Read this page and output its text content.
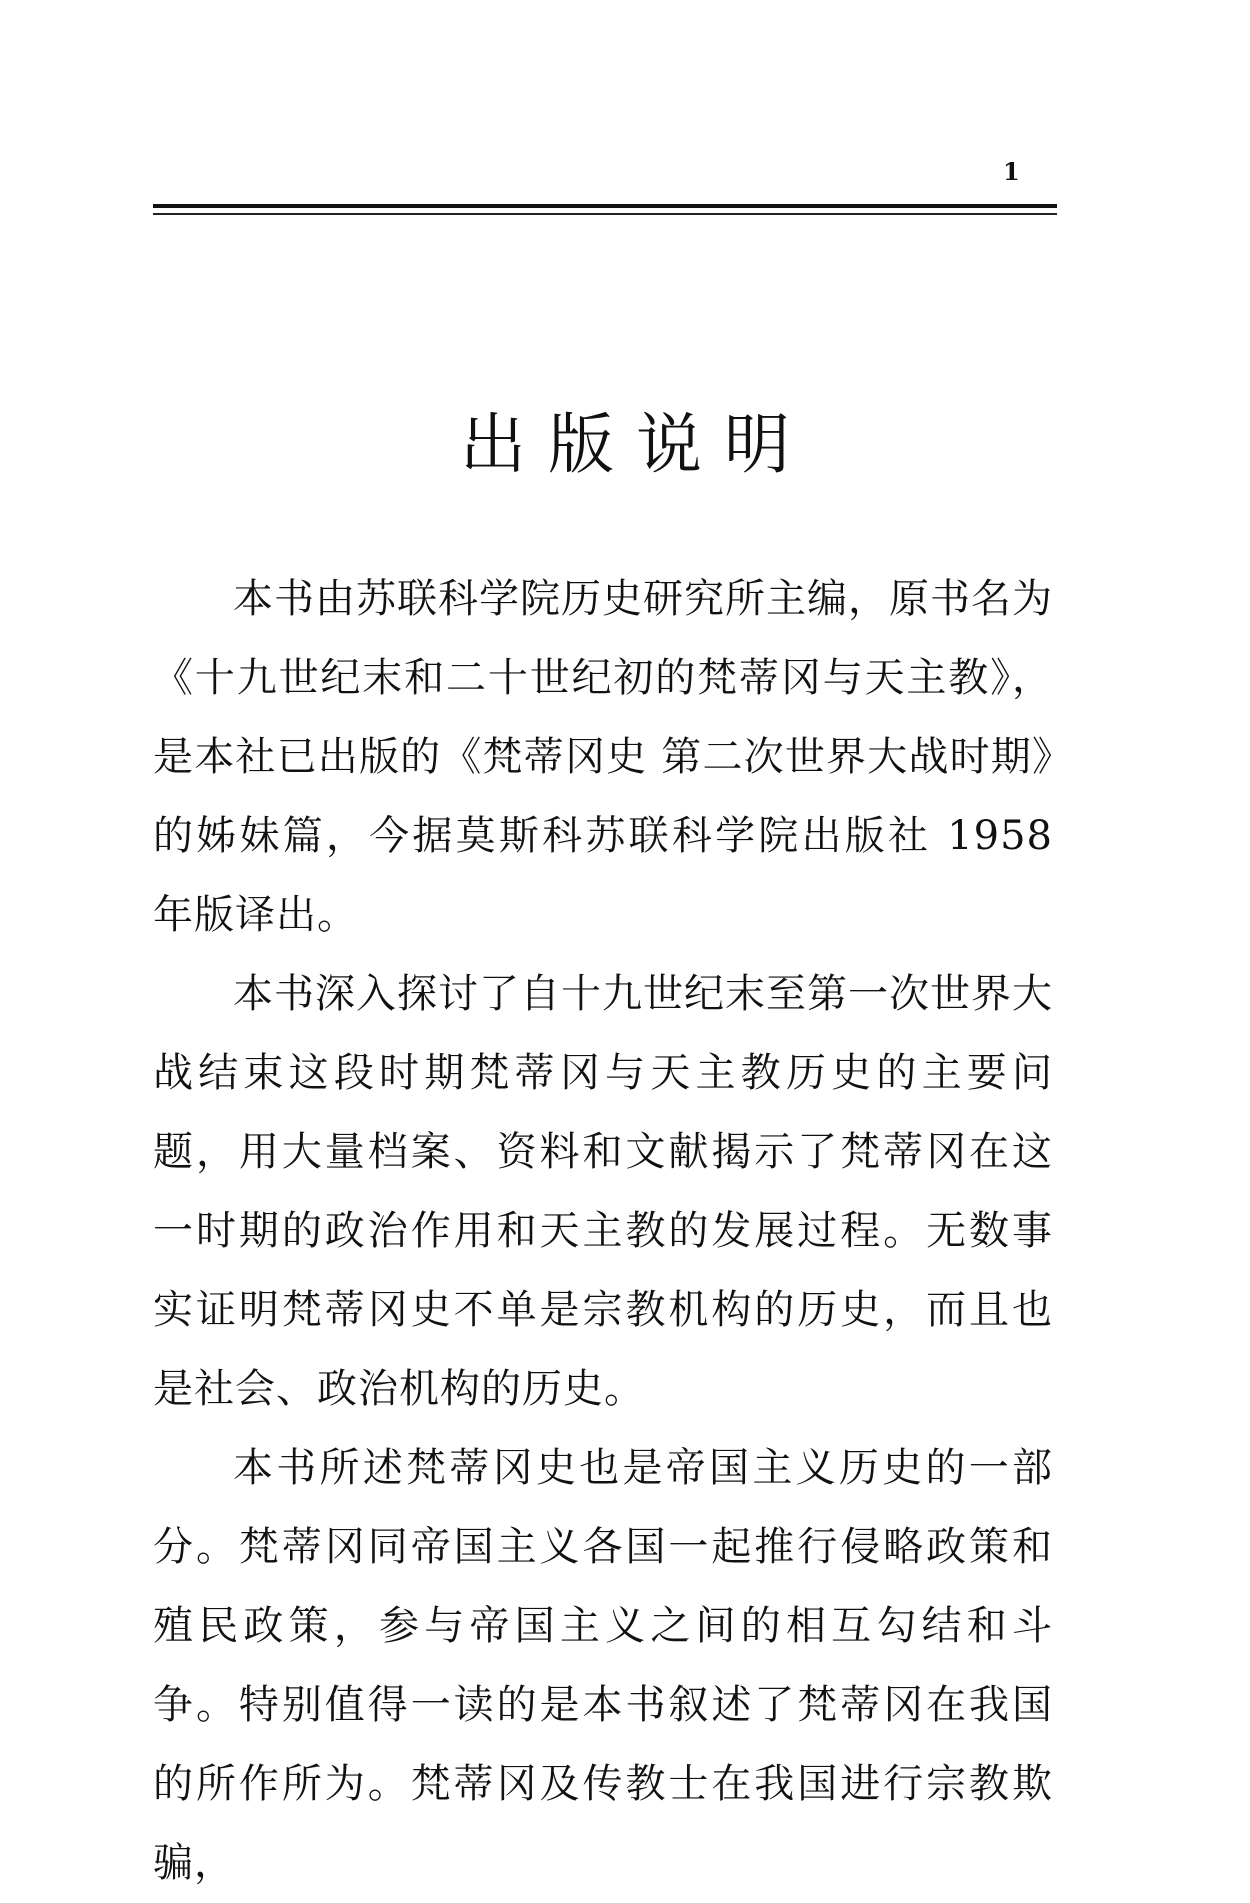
1
出版说明

本书由苏联科学院历史研究所主编，原书名为《十九世纪末和二十世纪初的梵蒂冈与天主教》，是本社已出版的《梵蒂冈史 第二次世界大战时期》的姊妹篇，今据莫斯科苏联科学院出版社 1958 年版译出。

本书深入探讨了自十九世纪末至第一次世界大战结束这段时期梵蒂冈与天主教历史的主要问题，用大量档案、资料和文献揭示了梵蒂冈在这一时期的政治作用和天主教的发展过程。无数事实证明梵蒂冈史不单是宗教机构的历史，而且也是社会、政治机构的历史。

本书所述梵蒂冈史也是帝国主义历史的一部分。梵蒂冈同帝国主义各国一起推行侵略政策和殖民政策，参与帝国主义之间的相互勾结和斗争。特别值得一读的是本书叙述了梵蒂冈在我国的所作所为。梵蒂冈及传教士在我国进行宗教欺骗，
